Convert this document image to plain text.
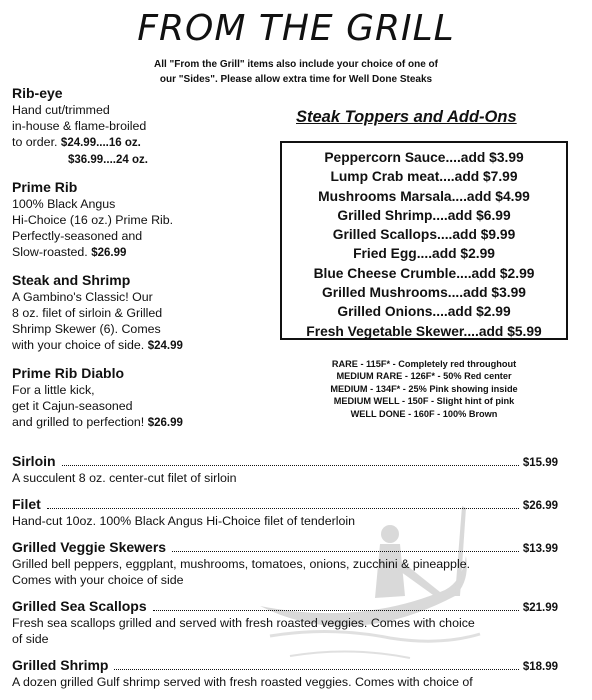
FROM THE GRILL
All "From the Grill" items also include your choice of one of
our "Sides". Please allow extra time for Well Done Steaks
Rib-eye
Hand cut/trimmed
in-house & flame-broiled
to order. $24.99....16 oz.
$36.99....24 oz.
Prime Rib
100% Black Angus
Hi-Choice (16 oz.) Prime Rib.
Perfectly-seasoned and
Slow-roasted. $26.99
Steak and Shrimp
A Gambino's Classic! Our
8 oz. filet of sirloin & Grilled
Shrimp Skewer (6). Comes
with your choice of side. $24.99
Prime Rib Diablo
For a little kick,
get it Cajun-seasoned
and grilled to perfection! $26.99
Steak Toppers and Add-Ons
Peppercorn Sauce....add $3.99
Lump Crab meat....add $7.99
Mushrooms Marsala....add $4.99
Grilled Shrimp....add $6.99
Grilled Scallops....add $9.99
Fried Egg....add $2.99
Blue Cheese Crumble....add $2.99
Grilled Mushrooms....add $3.99
Grilled Onions....add $2.99
Fresh Vegetable Skewer....add $5.99
RARE - 115F* - Completely red throughout
MEDIUM RARE - 126F* - 50% Red center
MEDIUM - 134F* - 25% Pink showing inside
MEDIUM WELL - 150F - Slight hint of pink
WELL DONE - 160F - 100% Brown
Sirloin	$15.99
A succulent 8 oz. center-cut filet of sirloin
Filet	$26.99
Hand-cut 10oz. 100% Black Angus Hi-Choice filet of tenderloin
Grilled Veggie Skewers	$13.99
Grilled bell peppers, eggplant, mushrooms, tomatoes, onions, zucchini & pineapple.
Comes with your choice of side
Grilled Sea Scallops	$21.99
Fresh sea scallops grilled and served with fresh roasted veggies. Comes with choice
of side
Grilled Shrimp	$18.99
A dozen grilled Gulf shrimp served with fresh roasted veggies. Comes with choice of
